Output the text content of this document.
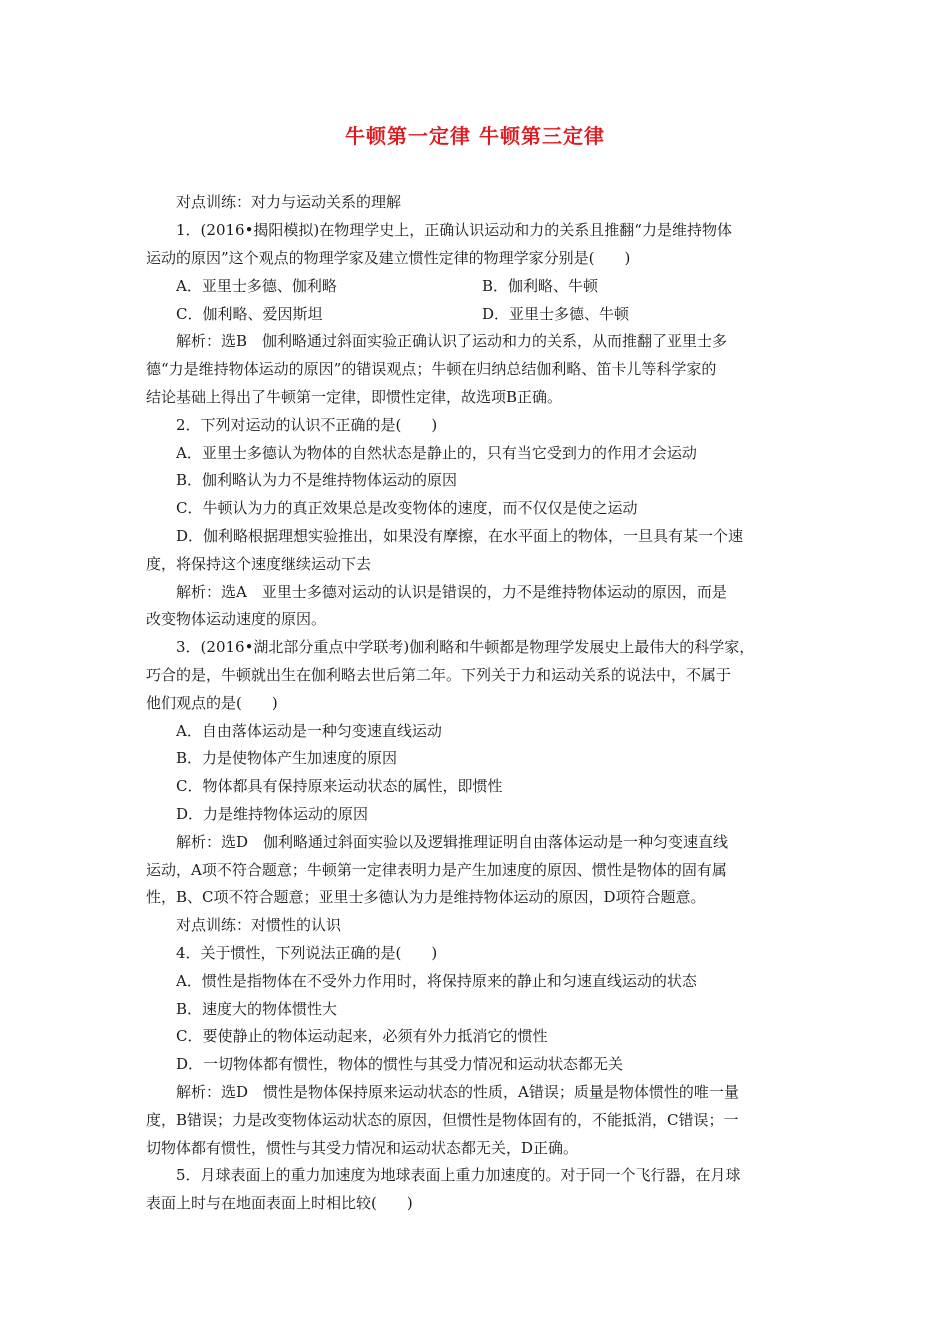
牛顿第一定律 牛顿第三定律
对点训练：对力与运动关系的理解
1．(2016•揭阳模拟)在物理学史上，正确认识运动和力的关系且推翻“力是维持物体
运动的原因”这个观点的物理学家及建立惯性定律的物理学家分别是(　　)
A．亚里士多德、伽利略	B．伽利略、牛顿
C．伽利略、爱因斯坦	D．亚里士多德、牛顿
解析：选B　伽利略通过斜面实验正确认识了运动和力的关系，从而推翻了亚里士多
德“力是维持物体运动的原因”的错误观点；牛顿在归纳总结伽利略、笛卡儿等科学家的
结论基础上得出了牛顿第一定律，即惯性定律，故选项B正确。
2．下列对运动的认识不正确的是(　　)
A．亚里士多德认为物体的自然状态是静止的，只有当它受到力的作用才会运动
B．伽利略认为力不是维持物体运动的原因
C．牛顿认为力的真正效果总是改变物体的速度，而不仅仅是使之运动
D．伽利略根据理想实验推出，如果没有摩擦，在水平面上的物体，一旦具有某一个速
度，将保持这个速度继续运动下去
解析：选A　亚里士多德对运动的认识是错误的，力不是维持物体运动的原因，而是
改变物体运动速度的原因。
3．(2016•湖北部分重点中学联考)伽利略和牛顿都是物理学发展史上最伟大的科学家，
巧合的是，牛顿就出生在伽利略去世后第二年。下列关于力和运动关系的说法中，不属于
他们观点的是(　　)
A．自由落体运动是一种匀变速直线运动
B．力是使物体产生加速度的原因
C．物体都具有保持原来运动状态的属性，即惯性
D．力是维持物体运动的原因
解析：选D　伽利略通过斜面实验以及逻辑推理证明自由落体运动是一种匀变速直线
运动，A项不符合题意；牛顿第一定律表明力是产生加速度的原因、惯性是物体的固有属
性，B、C项不符合题意；亚里士多德认为力是维持物体运动的原因，D项符合题意。
对点训练：对惯性的认识
4．关于惯性，下列说法正确的是(　　)
A．惯性是指物体在不受外力作用时，将保持原来的静止和匀速直线运动的状态
B．速度大的物体惯性大
C．要使静止的物体运动起来，必须有外力抵消它的惯性
D．一切物体都有惯性，物体的惯性与其受力情况和运动状态都无关
解析：选D　惯性是物体保持原来运动状态的性质，A错误；质量是物体惯性的唯一量
度，B错误；力是改变物体运动状态的原因，但惯性是物体固有的，不能抵消，C错误；一
切物体都有惯性，惯性与其受力情况和运动状态都无关，D正确。
5．月球表面上的重力加速度为地球表面上重力加速度的。对于同一个飞行器，在月球
表面上时与在地面表面上时相比较(　　)
